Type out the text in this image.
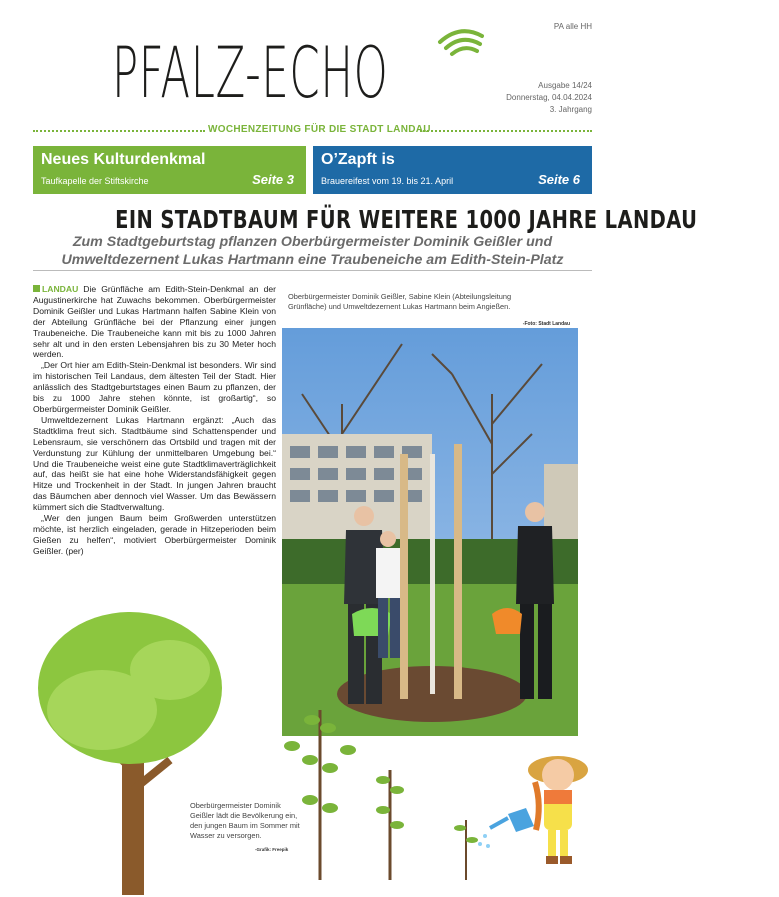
PA alle HH
PFALZ-ECHO	Ausgabe 14/24
Donnerstag, 04.04.2024
3. Jahrgang
WOCHENZEITUNG FÜR DIE STADT LANDAU
Neues Kulturdenkmal
Taufkapelle der Stiftskirche	Seite 3
O’Zapft is
Brauereifest vom 19. bis 21. April	Seite 6
EIN STADTBAUM FÜR WEITERE 1000 JAHRE LANDAU
Zum Stadtgeburtstag pflanzen Oberbürgermeister Dominik Geißler und Umweltdezernent Lukas Hartmann eine Traubeneiche am Edith-Stein-Platz

LANDAU Die Grünfläche am Edith-Stein-Denkmal an der Augustinerkirche hat Zuwachs bekommen. Oberbürgermeister Dominik Geißler und Lukas Hartmann halfen Sabine Klein von der Abteilung Grünfläche bei der Pflanzung einer jungen Traubeneiche. Die Traubeneiche kann mit bis zu 1000 Jahren sehr alt und in den ersten Lebensjahren bis zu 30 Meter hoch werden.

„Der Ort hier am Edith-Stein-Denkmal ist besonders. Wir sind im historischen Teil Landaus, dem ältesten Teil der Stadt. Hier anlässlich des Stadtgeburtstages einen Baum zu pflanzen, der bis zu 1000 Jahre stehen könnte, ist großartig“, so Oberbürgermeister Dominik Geißler.

Umweltdezernent Lukas Hartmann ergänzt: „Auch das Stadtklima freut sich. Stadtbäume sind Schattenspender und Lebensraum, sie verschönern das Ortsbild und tragen mit der Verdunstung zur Kühlung der unmittelbaren Umgebung bei.“ Und die Traubeneiche weist eine gute Stadtklimaverträglichkeit auf, das heißt sie hat eine hohe Widerstandsfähigkeit gegen Hitze und Trockenheit in der Stadt. In jungen Jahren braucht das Bäumchen aber dennoch viel Wasser. Um das Bewässern kümmert sich die Stadtverwaltung.

„Wer den jungen Baum beim Großwerden unterstützen möchte, ist herzlich eingeladen, gerade in Hitzeperioden beim Gießen zu helfen“, motiviert Oberbürgermeister Dominik Geißler. (per)

Oberbürgermeister Dominik Geißler, Sabine Klein (Abteilungsleitung Grünfläche) und Umweltdezernent Lukas Hartmann beim Angießen.
-Foto: Stadt Landau
Oberbürgermeister Dominik Geißler lädt die Bevölkerung ein, den jungen Baum im Sommer mit Wasser zu versorgen.
-Grafik: Freepik
